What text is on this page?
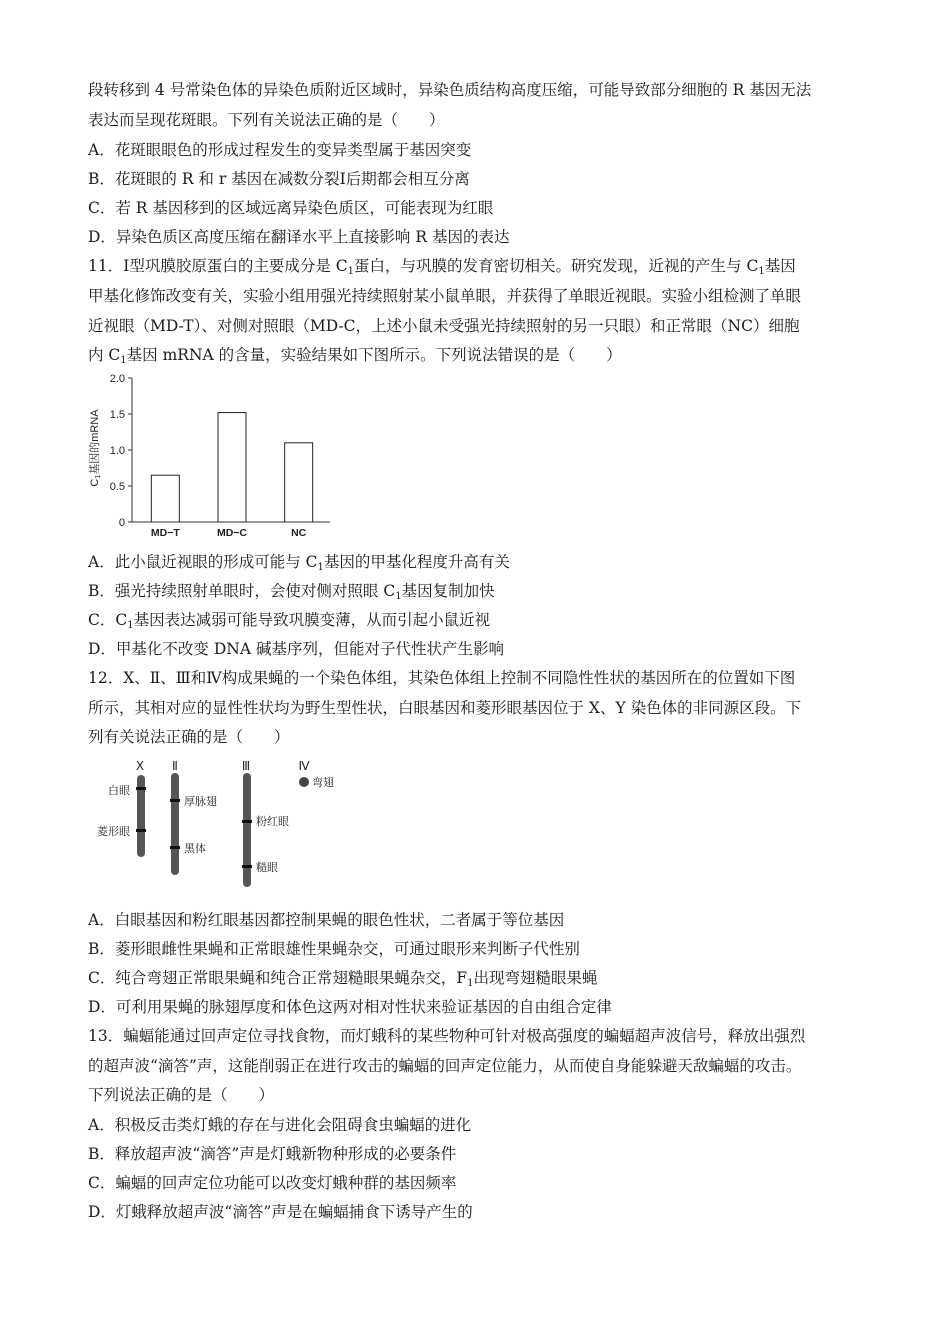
段转移到 4 号常染色体的异染色质附近区域时，异染色质结构高度压缩，可能导致部分细胞的 R 基因无法
表达而呈现花斑眼。下列有关说法正确的是（　　）
A．花斑眼眼色的形成过程发生的变异类型属于基因突变
B．花斑眼的 R 和 r 基因在减数分裂Ⅰ后期都会相互分离
C．若 R 基因移到的区域远离异染色质区，可能表现为红眼
D．异染色质区高度压缩在翻译水平上直接影响 R 基因的表达
11．Ⅰ型巩膜胶原蛋白的主要成分是 $C_1$蛋白，与巩膜的发育密切相关。研究发现，近视的产生与 $C_1$基因
甲基化修饰改变有关，实验小组用强光持续照射某小鼠单眼，并获得了单眼近视眼。实验小组检测了单眼
近视眼（MD-T）、对侧对照眼（MD-C，上述小鼠未受强光持续照射的另一只眼）和正常眼（NC）细胞
内 $C_1$基因 mRNA 的含量，实验结果如下图所示。下列说法错误的是（　　）
C1基因的mRNA
0
0.5
1.0
1.5
2.0
MD−T	MD−C	NC
A．此小鼠近视眼的形成可能与 $C_1$基因的甲基化程度升高有关
B．强光持续照射单眼时，会使对侧对照眼 $C_1$基因复制加快
C．$C_1$基因表达减弱可能导致巩膜变薄，从而引起小鼠近视
D．甲基化不改变 DNA 碱基序列，但能对子代性状产生影响
12．X、Ⅱ、Ⅲ和Ⅳ构成果蝇的一个染色体组，其染色体组上控制不同隐性性状的基因所在的位置如下图
所示，其相对应的显性性状均为野生型性状，白眼基因和菱形眼基因位于 X、Y 染色体的非同源区段。下
列有关说法正确的是（　　）
X Ⅱ	Ⅲ	Ⅳ
白眼
菱形眼
厚脉翅
黑体
粉红眼
糙眼
弯翅
A．白眼基因和粉红眼基因都控制果蝇的眼色性状，二者属于等位基因
B．菱形眼雌性果蝇和正常眼雄性果蝇杂交，可通过眼形来判断子代性别
C．纯合弯翅正常眼果蝇和纯合正常翅糙眼果蝇杂交，$F_1$出现弯翅糙眼果蝇
D．可利用果蝇的脉翅厚度和体色这两对相对性状来验证基因的自由组合定律
13．蝙蝠能通过回声定位寻找食物，而灯蛾科的某些物种可针对极高强度的蝙蝠超声波信号，释放出强烈
的超声波“滴答”声，这能削弱正在进行攻击的蝙蝠的回声定位能力，从而使自身能躲避天敌蝙蝠的攻击。
下列说法正确的是（　　）
A．积极反击类灯蛾的存在与进化会阻碍食虫蝙蝠的进化
B．释放超声波“滴答”声是灯蛾新物种形成的必要条件
C．蝙蝠的回声定位功能可以改变灯蛾种群的基因频率
D．灯蛾释放超声波“滴答”声是在蝙蝠捕食下诱导产生的
